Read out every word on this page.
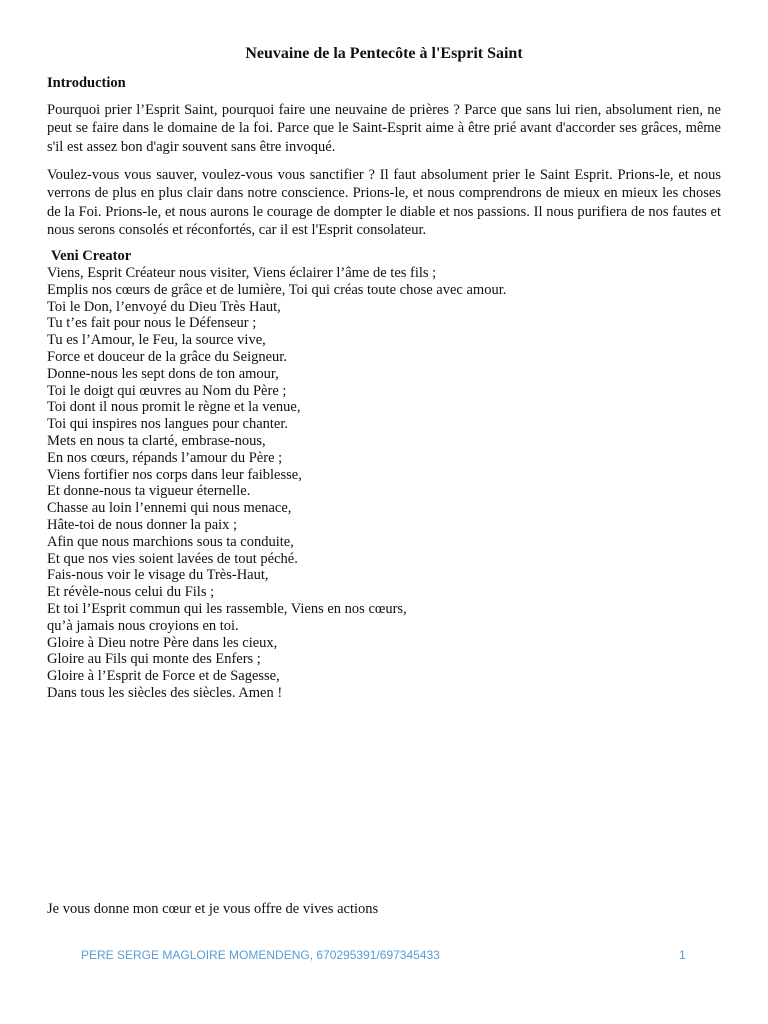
Neuvaine de la Pentecôte à l'Esprit Saint
Introduction

Pourquoi prier l’Esprit Saint, pourquoi faire une neuvaine de prières ? Parce que sans lui rien, absolument rien, ne peut se faire dans le domaine de la foi. Parce que le Saint-Esprit aime à être prié avant d'accorder ses grâces, même s'il est assez bon d'agir souvent sans être invoqué.

Voulez-vous vous sauver, voulez-vous vous sanctifier ? Il faut absolument prier le Saint Esprit. Prions-le, et nous verrons de plus en plus clair dans notre conscience. Prions-le, et nous comprendrons de mieux en mieux les choses de la Foi. Prions-le, et nous aurons le courage de dompter le diable et nos passions. Il nous purifiera de nos fautes et nous serons consolés et réconfortés, car il est l'Esprit consolateur.

Veni Creator
Viens, Esprit Créateur nous visiter, Viens éclairer l’âme de tes fils ;
Emplis nos cœurs de grâce et de lumière, Toi qui créas toute chose avec amour.
Toi le Don, l’envoyé du Dieu Très Haut,
Tu t’es fait pour nous le Défenseur ;
Tu es l’Amour, le Feu, la source vive,
Force et douceur de la grâce du Seigneur.
Donne-nous les sept dons de ton amour,
Toi le doigt qui œuvres au Nom du Père ;
Toi dont il nous promit le règne et la venue,
Toi qui inspires nos langues pour chanter.
Mets en nous ta clarté, embrase-nous,
En nos cœurs, répands l’amour du Père ;
Viens fortifier nos corps dans leur faiblesse,
Et donne-nous ta vigueur éternelle.
Chasse au loin l’ennemi qui nous menace,
Hâte-toi de nous donner la paix ;
Afin que nous marchions sous ta conduite,
Et que nos vies soient lavées de tout péché.
Fais-nous voir le visage du Très-Haut,
Et révèle-nous celui du Fils ;
Et toi l’Esprit commun qui les rassemble, Viens en nos cœurs,
qu’à jamais nous croyions en toi.
Gloire à Dieu notre Père dans les cieux,
Gloire au Fils qui monte des Enfers ;
Gloire à l’Esprit de Force et de Sagesse,
Dans tous les siècles des siècles. Amen !

Je vous donne mon cœur et je vous offre de vives actions

PERE SERGE MAGLOIRE MOMENDENG, 670295391/697345433	1
